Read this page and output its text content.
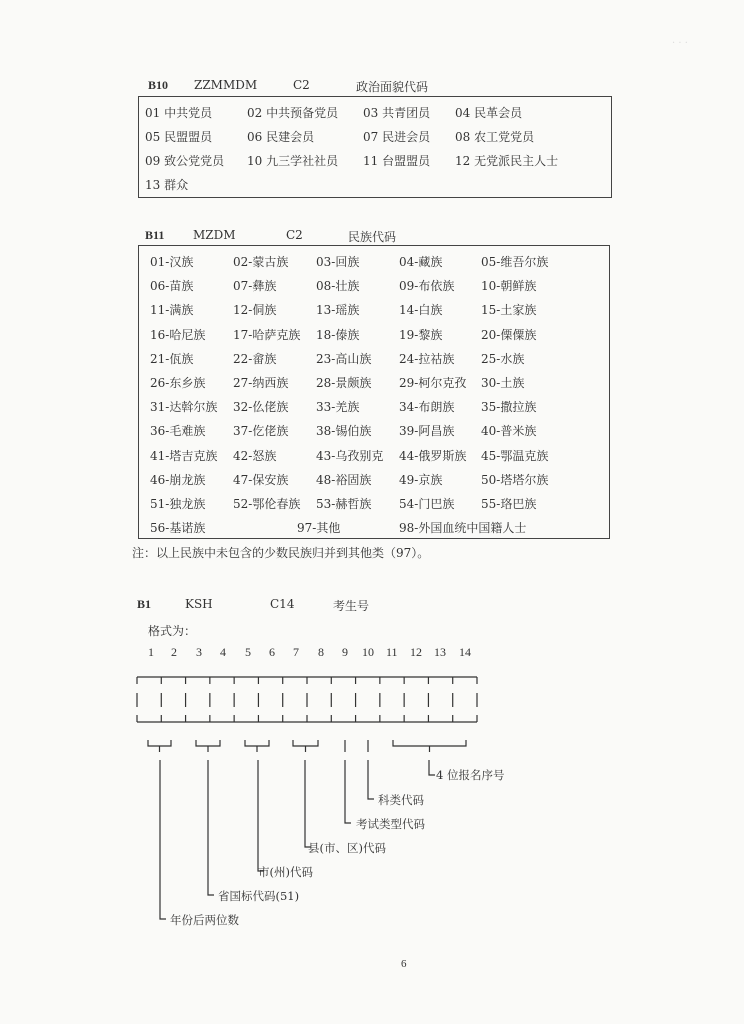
· · ·
B10 ZZMMDM	C2	政治面貌代码
01 中共党员	02 中共预备党员 03 共青团员 04 民革会员
05 民盟盟员	06 民建会员	07 民进会员 08 农工党党员
09 致公党党员 10 九三学社社员 11 台盟盟员 12 无党派民主人士
13 群众
B11 MZDM	C2	民族代码
01-汉族	02-蒙古族 03-回族	04-藏族	05-维吾尔族
06-苗族	07-彝族	08-壮族	09-布依族 10-朝鲜族
11-满族	12-侗族	13-瑶族	14-白族	15-土家族
16-哈尼族 17-哈萨克族 18-傣族	19-黎族	20-傈僳族
21-佤族	22-畲族	23-高山族 24-拉祜族 25-水族
26-东乡族 27-纳西族 28-景颇族 29-柯尔克孜 30-土族
31-达斡尔族 32-仫佬族 33-羌族	34-布朗族 35-撒拉族
36-毛难族 37-仡佬族 38-锡伯族 39-阿昌族 40-普米族
41-塔吉克族 42-怒族	43-乌孜别克 44-俄罗斯族 45-鄂温克族
46-崩龙族 47-保安族 48-裕固族 49-京族	50-塔塔尔族
51-独龙族 52-鄂伦春族 53-赫哲族 54-门巴族 55-珞巴族
56-基诺族	97-其他	98-外国血统中国籍人士
注：以上民族中未包含的少数民族归并到其他类（97）。
B1	KSH	C14	考生号
格式为：
1 2 3 4 5 6 7 8 9 10 11 12 13 14
4 位报名序号
科类代码
考试类型代码
县(市、区)代码
市(州)代码
省国标代码(51)
年份后两位数
6
